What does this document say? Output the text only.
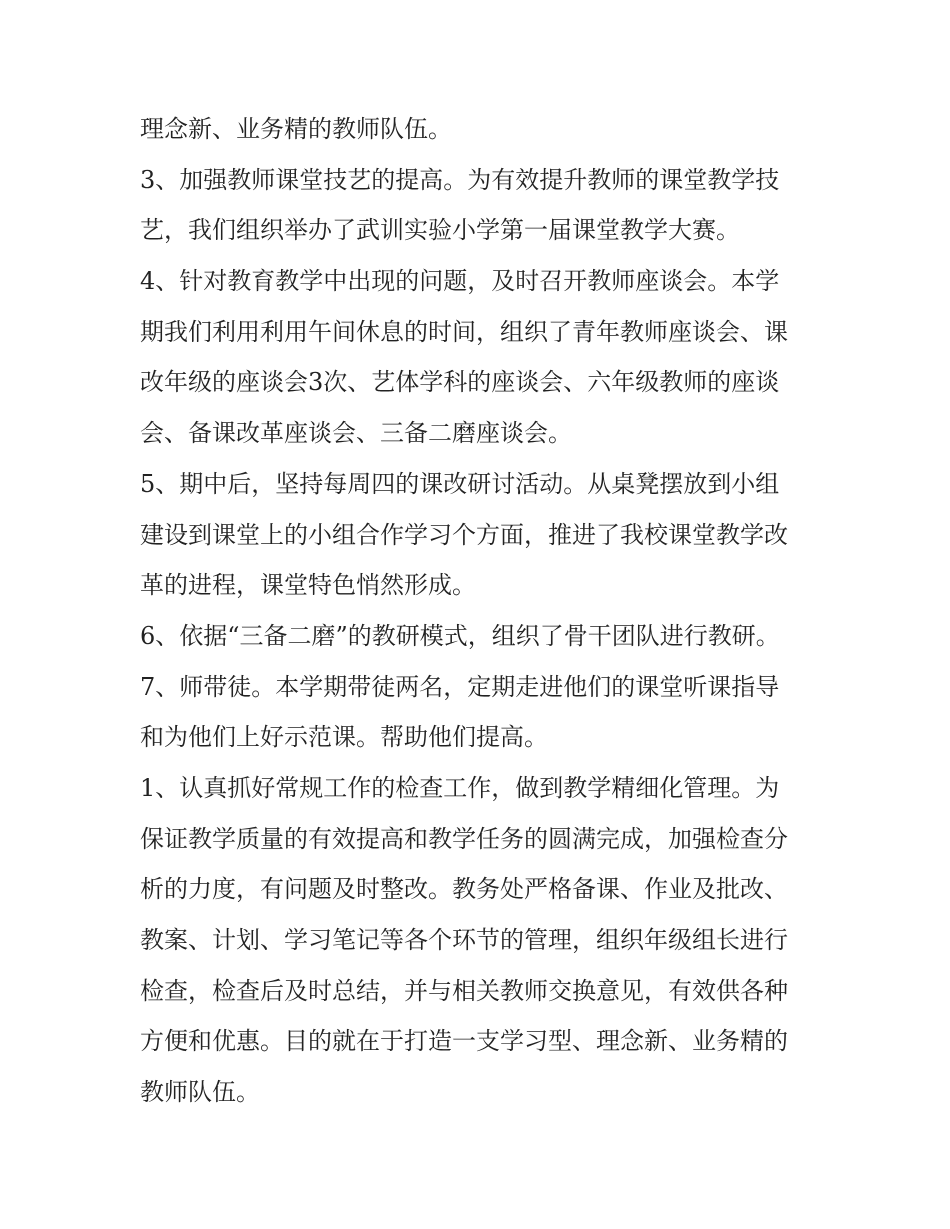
理念新、业务精的教师队伍。
3、加强教师课堂技艺的提高。为有效提升教师的课堂教学技
艺，我们组织举办了武训实验小学第一届课堂教学大赛。
4、针对教育教学中出现的问题，及时召开教师座谈会。本学
期我们利用利用午间休息的时间，组织了青年教师座谈会、课
改年级的座谈会3次、艺体学科的座谈会、六年级教师的座谈
会、备课改革座谈会、三备二磨座谈会。
5、期中后，坚持每周四的课改研讨活动。从桌凳摆放到小组
建设到课堂上的小组合作学习个方面，推进了我校课堂教学改
革的进程，课堂特色悄然形成。
6、依据“三备二磨”的教研模式，组织了骨干团队进行教研。
7、师带徒。本学期带徒两名，定期走进他们的课堂听课指导
和为他们上好示范课。帮助他们提高。
1、认真抓好常规工作的检查工作，做到教学精细化管理。为
保证教学质量的有效提高和教学任务的圆满完成，加强检查分
析的力度，有问题及时整改。教务处严格备课、作业及批改、
教案、计划、学习笔记等各个环节的管理，组织年级组长进行
检查，检查后及时总结，并与相关教师交换意见，有效供各种
方便和优惠。目的就在于打造一支学习型、理念新、业务精的
教师队伍。
